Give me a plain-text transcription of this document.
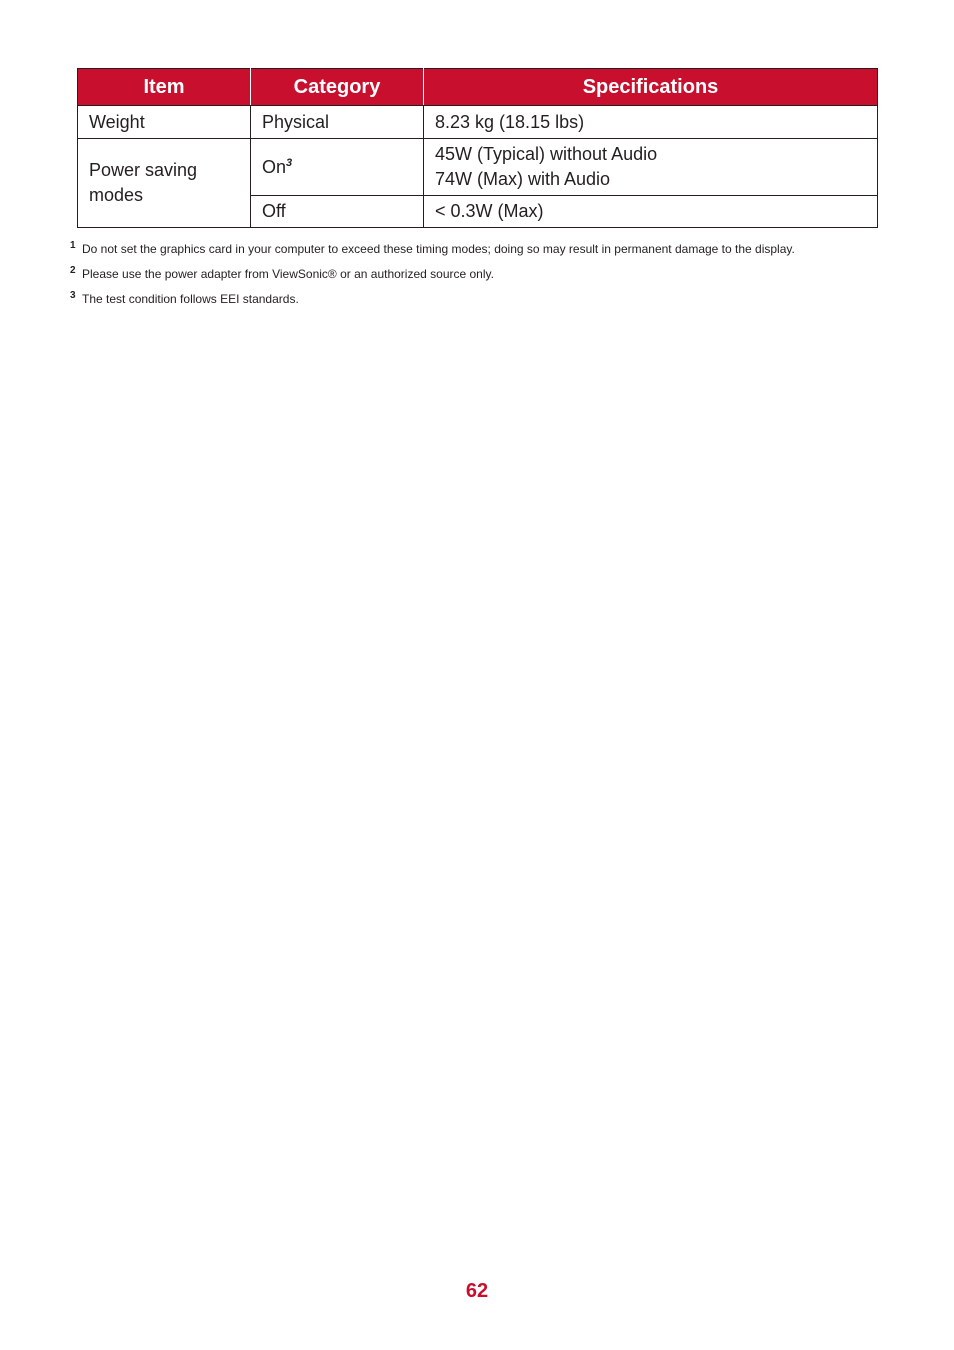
Item	Category	Specifications
Weight	Physical	8.23 kg (18.15 lbs)
Power saving modes	On$^3$	45W (Typical) without Audio
74W (Max) with Audio

	Off	< 0.3W (Max)
1 Do not set the graphics card in your computer to exceed these timing modes; doing so may result in permanent damage to the display.
2 Please use the power adapter from ViewSonic® or an authorized source only.
3 The test condition follows EEI standards.
62
